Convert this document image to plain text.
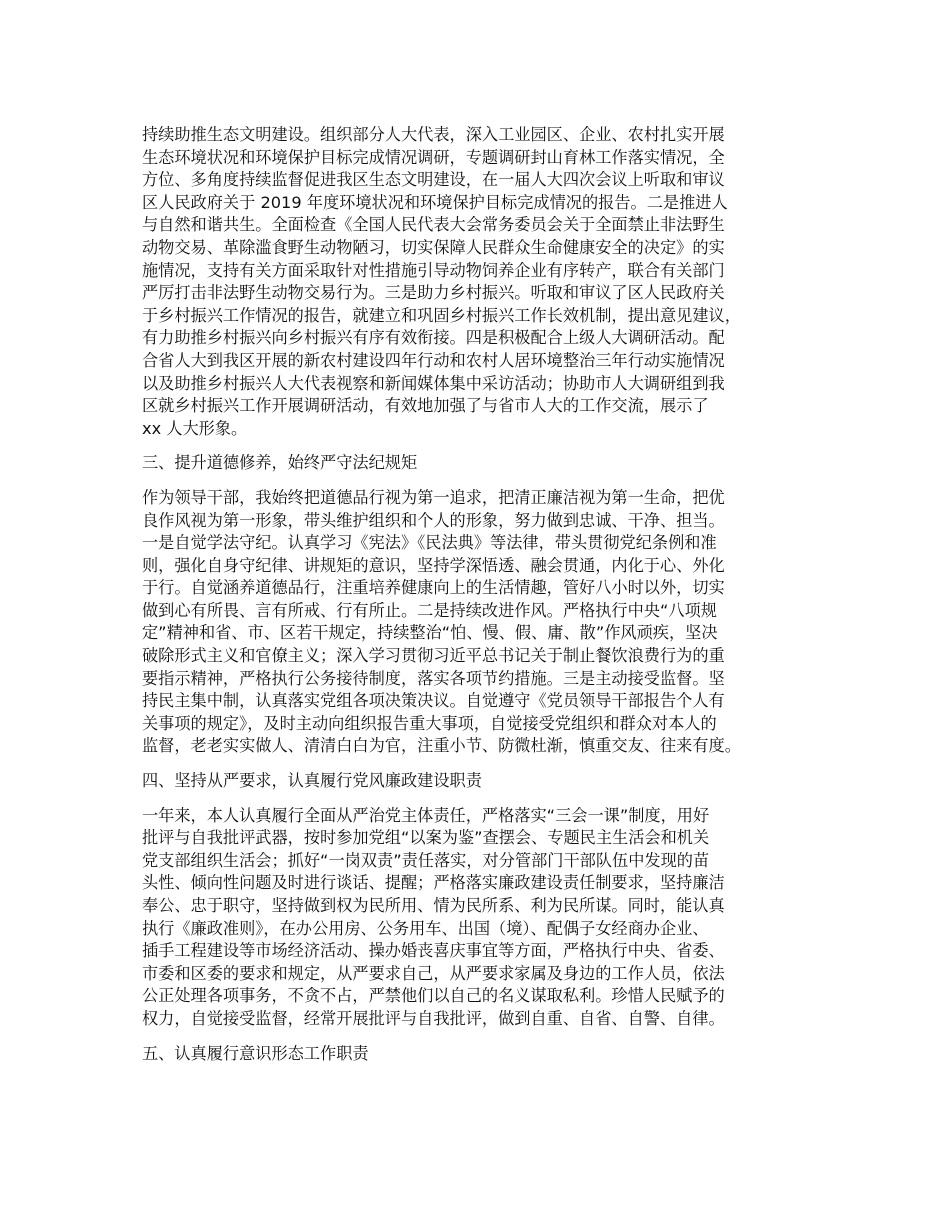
持续助推生态文明建设。组织部分人大代表，深入工业园区、企业、农村扎实开展
生态环境状况和环境保护目标完成情况调研，专题调研封山育林工作落实情况，全
方位、多角度持续监督促进我区生态文明建设，在一届人大四次会议上听取和审议
区人民政府关于 2019 年度环境状况和环境保护目标完成情况的报告。二是推进人
与自然和谐共生。全面检查《全国人民代表大会常务委员会关于全面禁止非法野生
动物交易、革除滥食野生动物陋习，切实保障人民群众生命健康安全的决定》的实
施情况，支持有关方面采取针对性措施引导动物饲养企业有序转产，联合有关部门
严厉打击非法野生动物交易行为。三是助力乡村振兴。听取和审议了区人民政府关
于乡村振兴工作情况的报告，就建立和巩固乡村振兴工作长效机制，提出意见建议，
有力助推乡村振兴向乡村振兴有序有效衔接。四是积极配合上级人大调研活动。配
合省人大到我区开展的新农村建设四年行动和农村人居环境整治三年行动实施情况
以及助推乡村振兴人大代表视察和新闻媒体集中采访活动；协助市人大调研组到我
区就乡村振兴工作开展调研活动，有效地加强了与省市人大的工作交流，展示了
xx 人大形象。
三、提升道德修养，始终严守法纪规矩
作为领导干部，我始终把道德品行视为第一追求，把清正廉洁视为第一生命，把优
良作风视为第一形象，带头维护组织和个人的形象，努力做到忠诚、干净、担当。
一是自觉学法守纪。认真学习《宪法》《民法典》等法律，带头贯彻党纪条例和准
则，强化自身守纪律、讲规矩的意识，坚持学深悟透、融会贯通，内化于心、外化
于行。自觉涵养道德品行，注重培养健康向上的生活情趣，管好八小时以外，切实
做到心有所畏、言有所戒、行有所止。二是持续改进作风。严格执行中央“八项规
定”精神和省、市、区若干规定，持续整治“怕、慢、假、庸、散”作风顽疾，坚决
破除形式主义和官僚主义；深入学习贯彻习近平总书记关于制止餐饮浪费行为的重
要指示精神，严格执行公务接待制度，落实各项节约措施。三是主动接受监督。坚
持民主集中制，认真落实党组各项决策决议。自觉遵守《党员领导干部报告个人有
关事项的规定》，及时主动向组织报告重大事项，自觉接受党组织和群众对本人的
监督，老老实实做人、清清白白为官，注重小节、防微杜渐，慎重交友、往来有度。
四、坚持从严要求，认真履行党风廉政建设职责
一年来，本人认真履行全面从严治党主体责任，严格落实“三会一课”制度，用好
批评与自我批评武器，按时参加党组“以案为鉴”查摆会、专题民主生活会和机关
党支部组织生活会；抓好“一岗双责”责任落实，对分管部门干部队伍中发现的苗
头性、倾向性问题及时进行谈话、提醒；严格落实廉政建设责任制要求，坚持廉洁
奉公、忠于职守，坚持做到权为民所用、情为民所系、利为民所谋。同时，能认真
执行《廉政准则》，在办公用房、公务用车、出国（境）、配偶子女经商办企业、
插手工程建设等市场经济活动、操办婚丧喜庆事宜等方面，严格执行中央、省委、
市委和区委的要求和规定，从严要求自己，从严要求家属及身边的工作人员，依法
公正处理各项事务，不贪不占，严禁他们以自己的名义谋取私利。珍惜人民赋予的
权力，自觉接受监督，经常开展批评与自我批评，做到自重、自省、自警、自律。
五、认真履行意识形态工作职责
